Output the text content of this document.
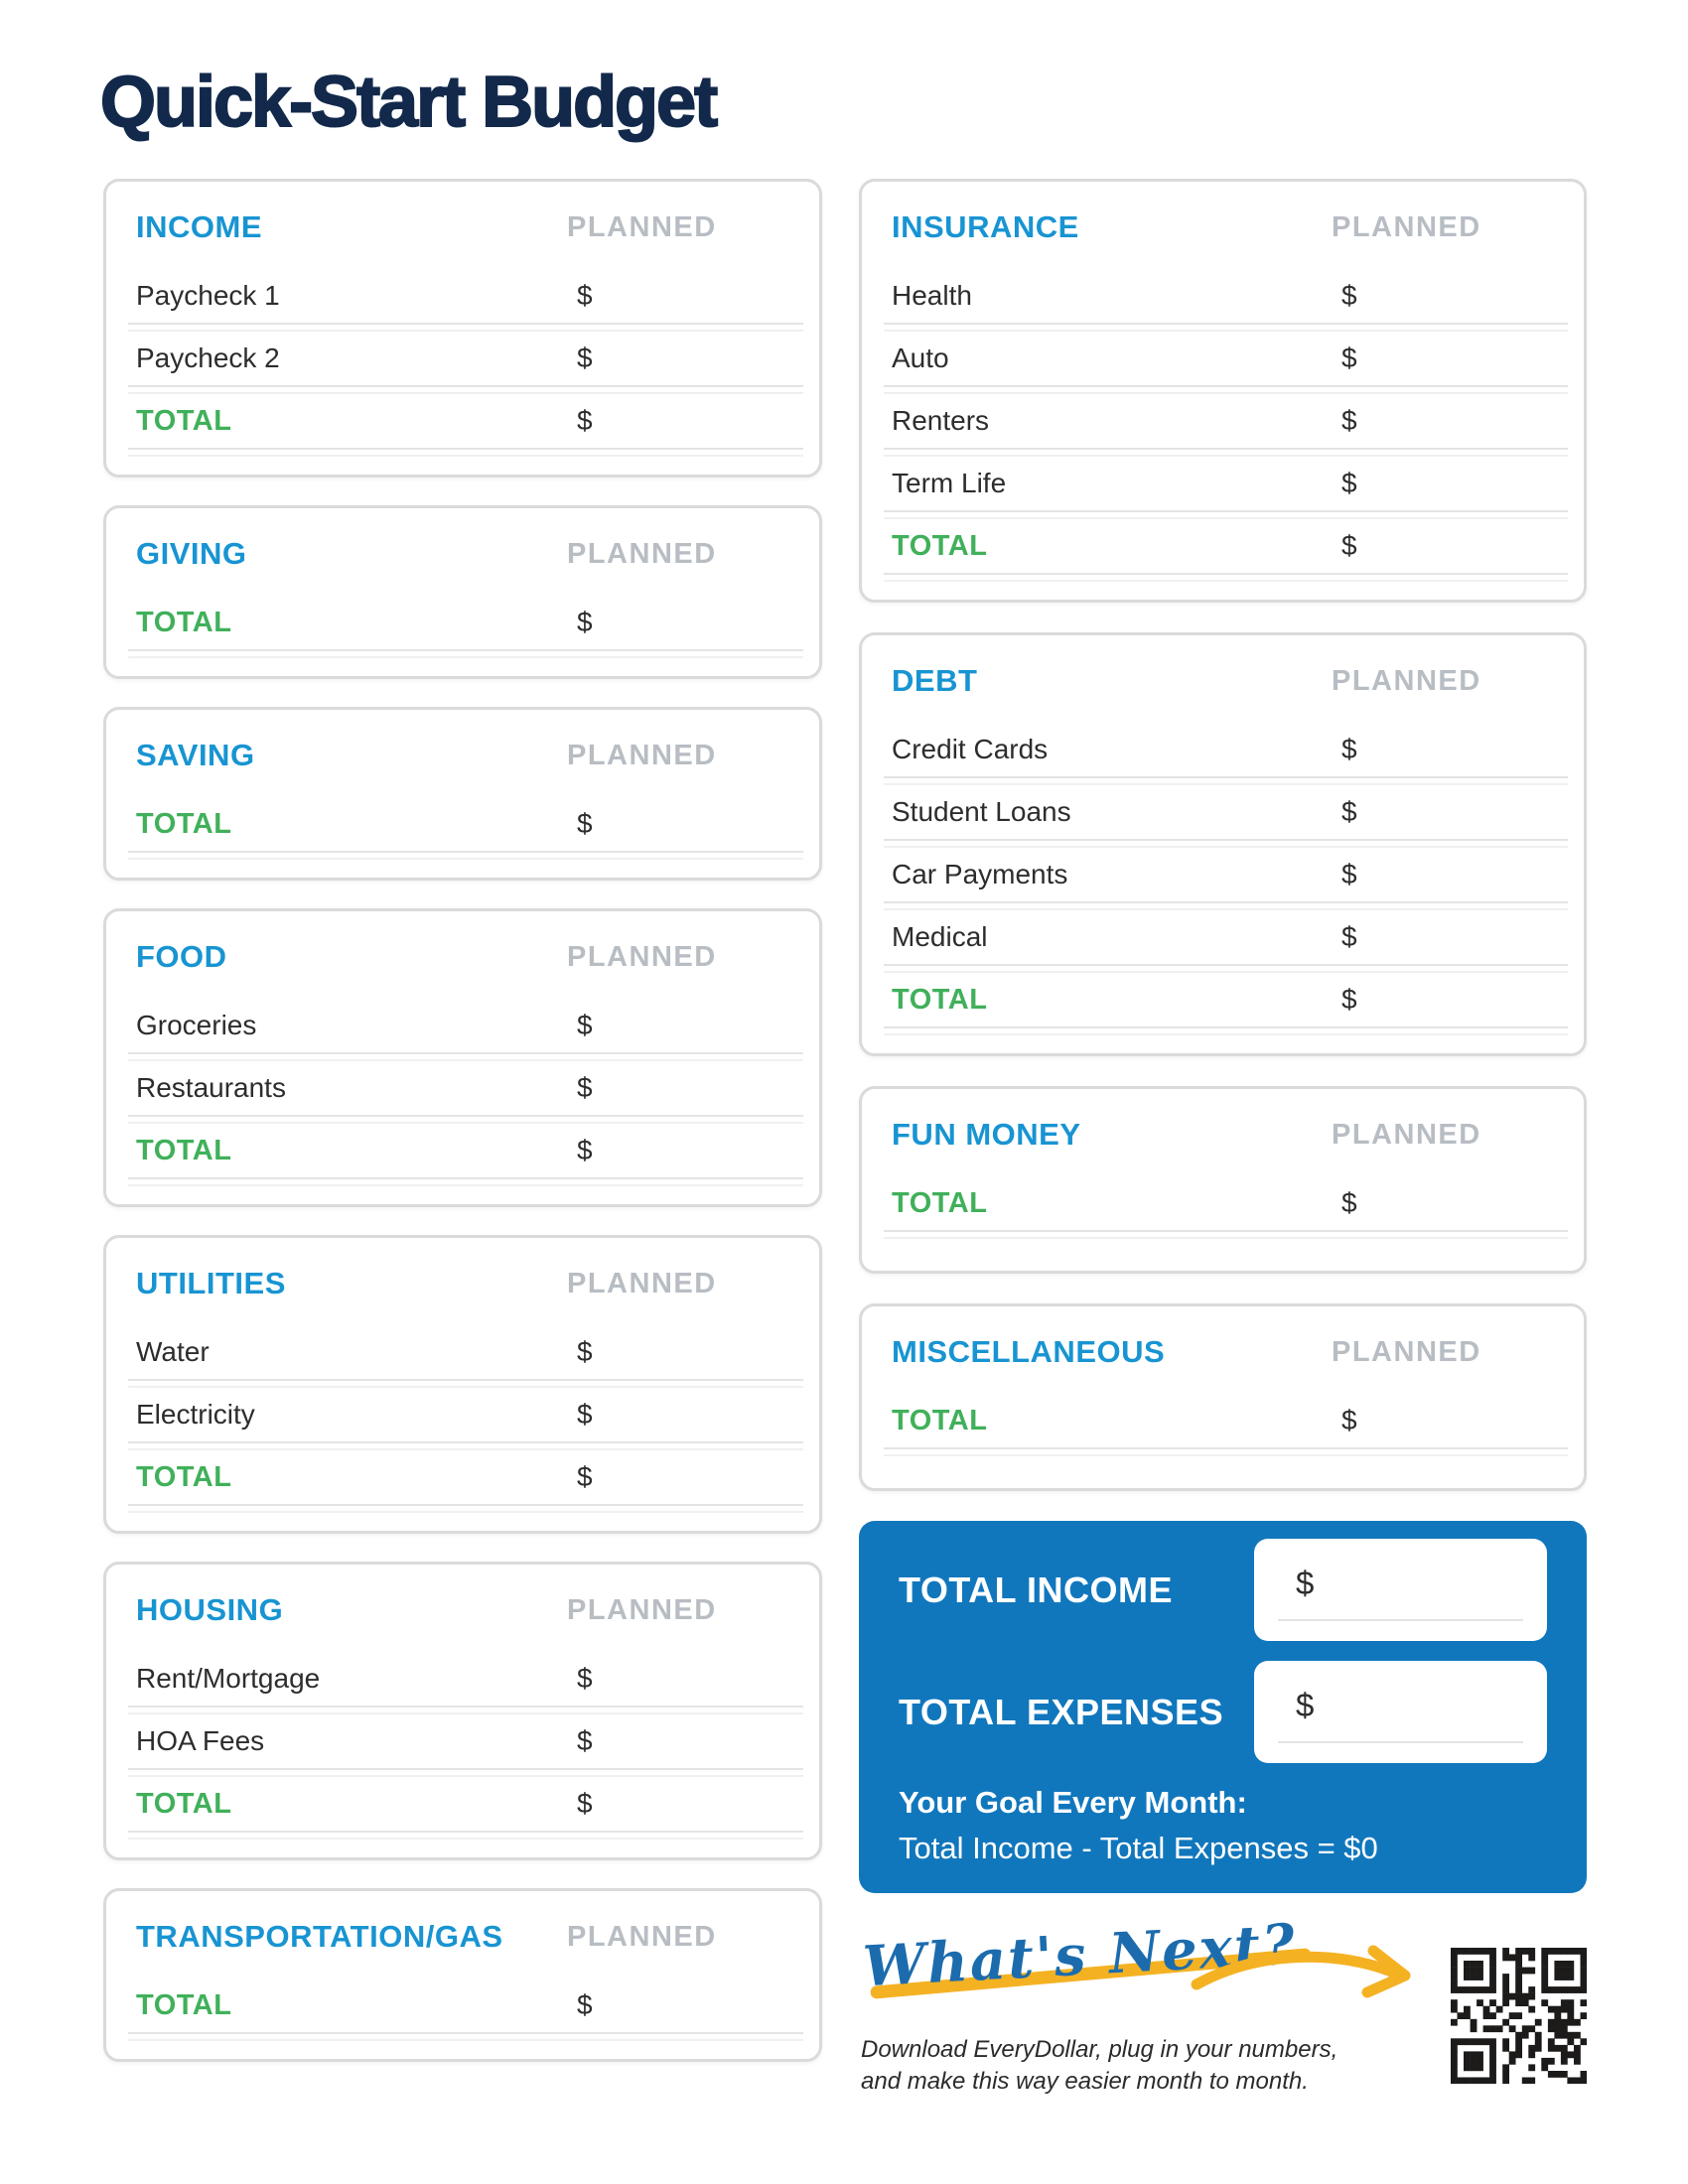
Quick-Start Budget
INCOME	PLANNED
Paycheck 1	$
Paycheck 2	$
TOTAL	$
GIVING	PLANNED
TOTAL	$
SAVING	PLANNED
TOTAL	$
FOOD	PLANNED
Groceries	$
Restaurants	$
TOTAL	$
UTILITIES	PLANNED
Water	$
Electricity	$
TOTAL	$
HOUSING	PLANNED
Rent/Mortgage	$
HOA Fees	$
TOTAL	$
TRANSPORTATION/GAS	PLANNED
TOTAL	$
INSURANCE	PLANNED
Health	$
Auto	$
Renters	$
Term Life	$
TOTAL	$
DEBT	PLANNED
Credit Cards	$
Student Loans	$
Car Payments	$
Medical	$
TOTAL	$
FUN MONEY	PLANNED
TOTAL	$
MISCELLANEOUS	PLANNED
TOTAL	$
TOTAL INCOME	$
TOTAL EXPENSES	$
Your Goal Every Month:
Total Income - Total Expenses = $0
What's Next?
Download EveryDollar, plug in your numbers,
and make this way easier month to month.
